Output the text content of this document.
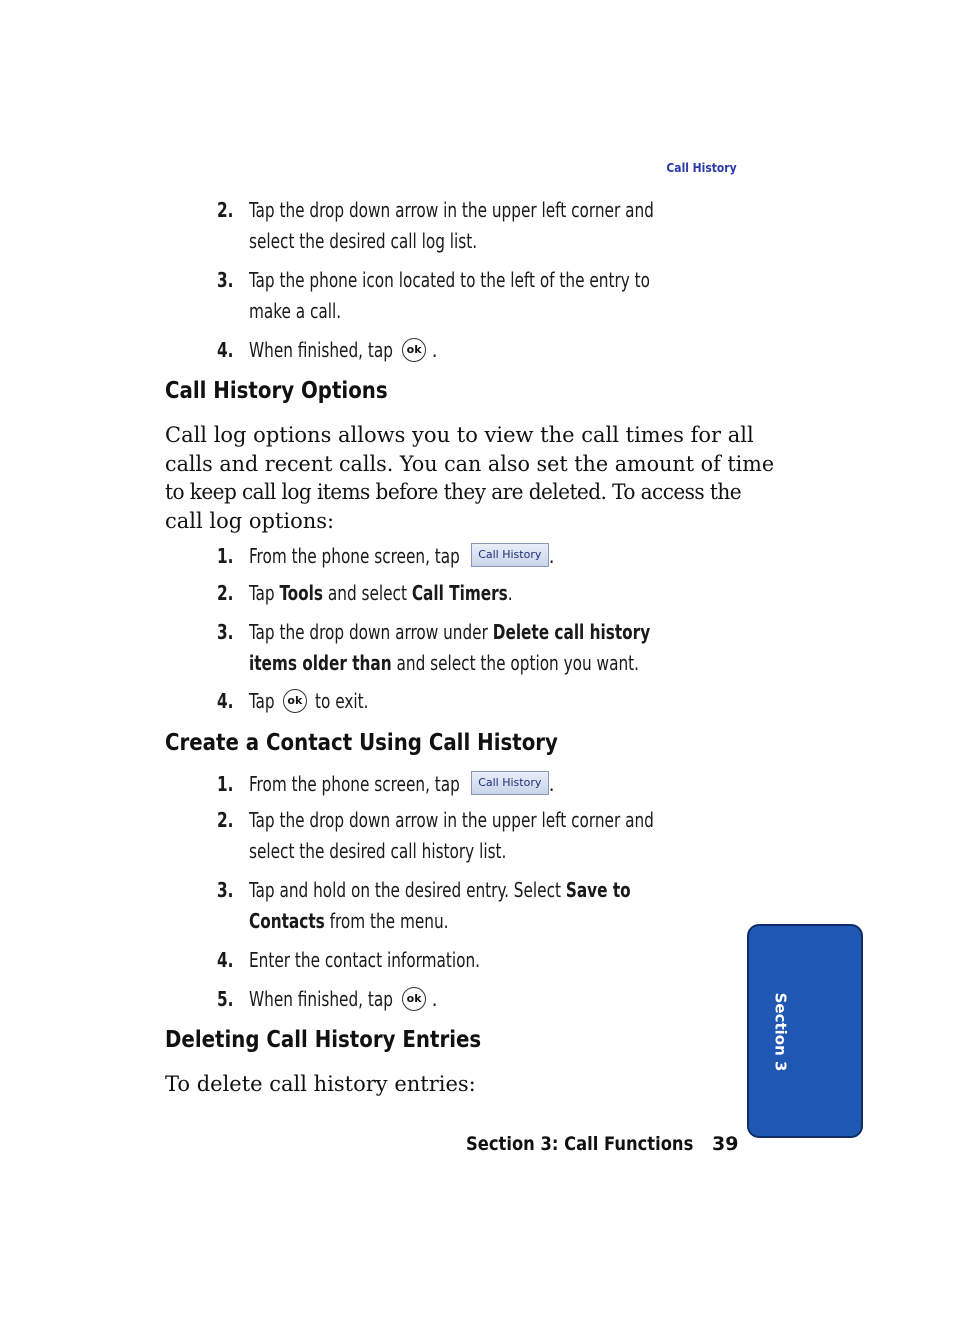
Call History
2. Tap the drop down arrow in the upper left corner and
select the desired call log list.
3. Tap the phone icon located to the left of the entry to
make a call.
4. When finished, tap ok .
Call History Options
Call log options allows you to view the call times for all
calls and recent calls. You can also set the amount of time
to keep call log items before they are deleted. To access the
call log options:
1. From the phone screen, tap Call History .
2. Tap Tools and select Call Timers.
3. Tap the drop down arrow under Delete call history
items older than and select the option you want.
4. Tap ok to exit.
Create a Contact Using Call History
1. From the phone screen, tap Call History .
2. Tap the drop down arrow in the upper left corner and
select the desired call history list.
3. Tap and hold on the desired entry. Select Save to
Contacts from the menu.
4. Enter the contact information.
5. When finished, tap ok .
Deleting Call History Entries
To delete call history entries:
Section 3
Section 3: Call Functions 39
